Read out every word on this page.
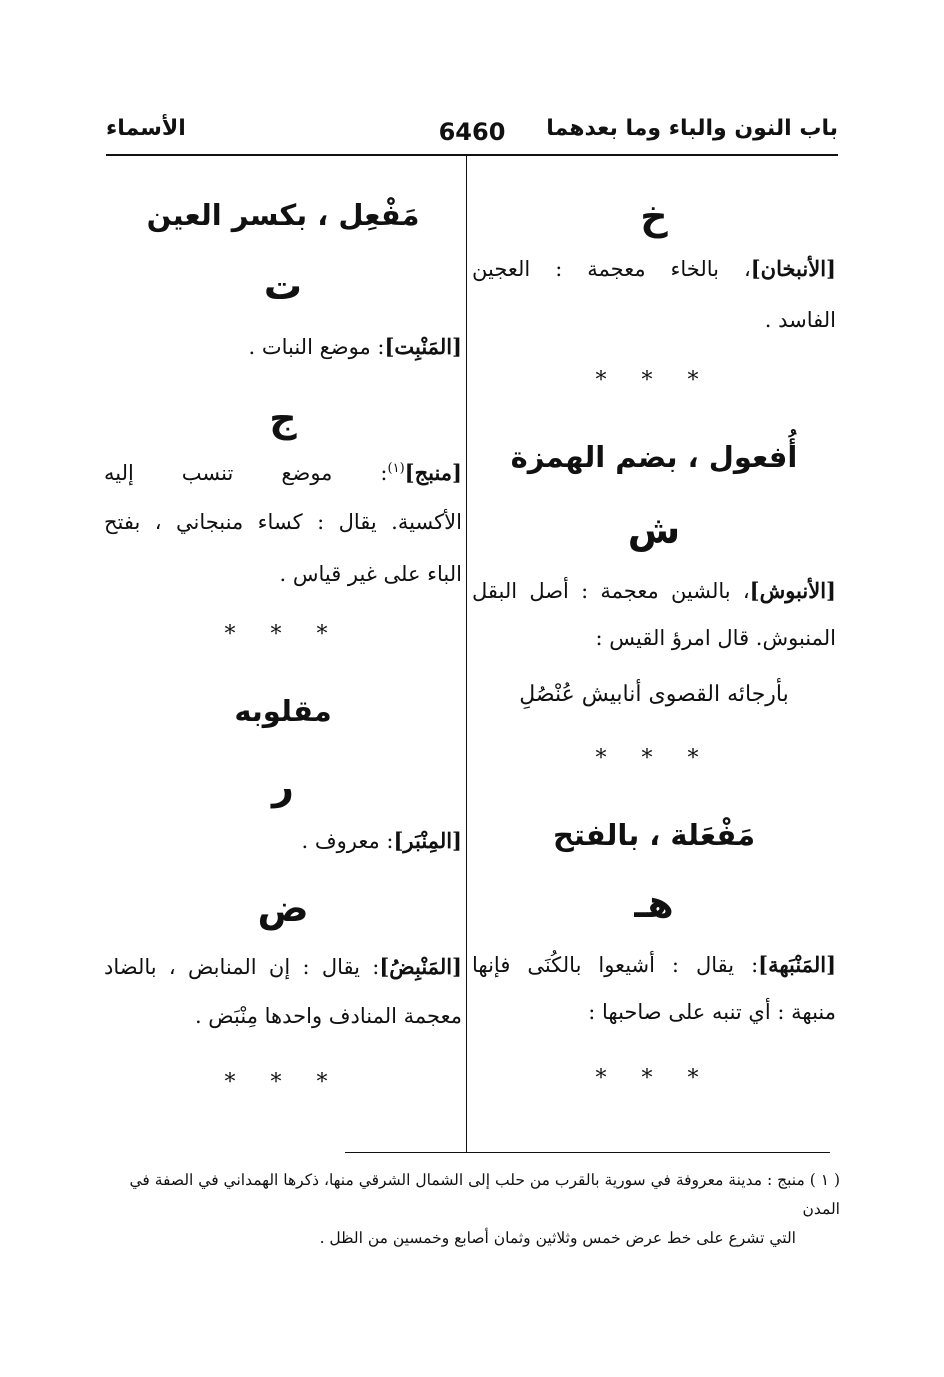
باب النون والباء وما بعدهما
6460
الأسماء
خ
[الأنبخان]، بالخاء معجمة : العجين
الفاسد .
* * *
أُفعول ، بضم الهمزة
ش
[الأنبوش]، بالشين معجمة : أصل البقل
المنبوش. قال امرؤ القيس :
بأرجائه القصوى أنابيش عُنْصُلِ
* * *
مَفْعَلة ، بالفتح
هـ
[المَنْبَهة]: يقال : أشيعوا بالكُنَى فإنها
منبهة : أي تنبه على صاحبها :
* * *
مَفْعِل ، بكسر العين
ت
[المَنْبِت]: موضع النبات .
ج
[منبج]$^{(١)}$: موضع تنسب إليه
الأكسية. يقال : كساء منبجاني ، بفتح
الباء على غير قياس .
* * *
مقلوبه
ر
[المِنْبَر]: معروف .
ض
[المَنْبِضُ]: يقال : إن المنابض ، بالضاد
معجمة المنادف واحدها مِنْبَض .
* * *
( ١ ) منبج : مدينة معروفة في سورية بالقرب من حلب إلى الشمال الشرقي منها، ذكرها الهمداني في الصفة في المدن
التي تشرع على خط عرض خمس وثلاثين وثمان أصابع وخمسين من الظل .
